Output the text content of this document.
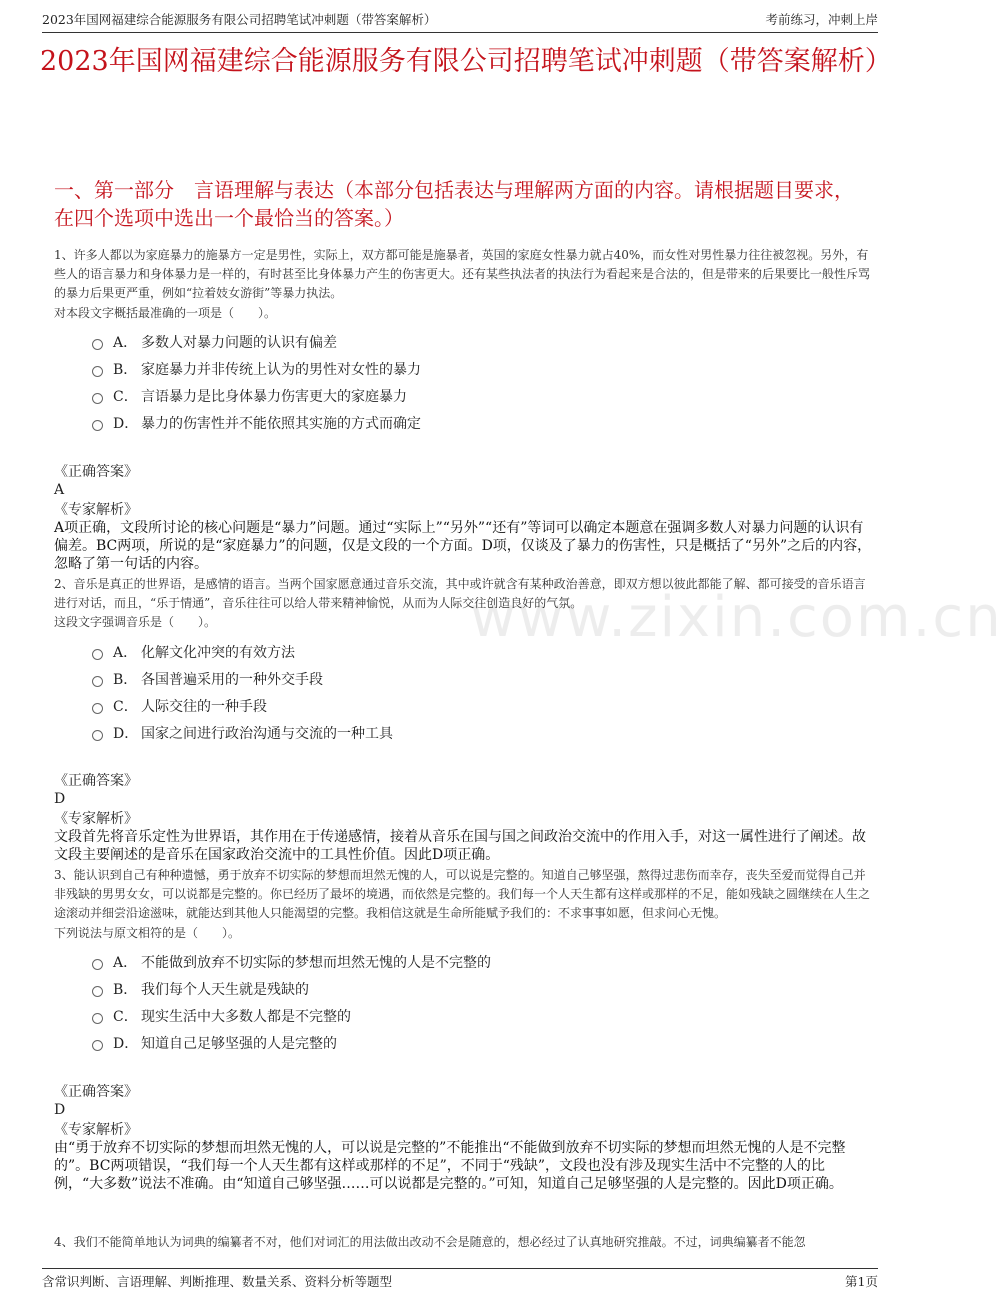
2023年国网福建综合能源服务有限公司招聘笔试冲刺题（带答案解析）	考前练习，冲刺上岸
2023年国网福建综合能源服务有限公司招聘笔试冲刺题（带答案解析）
一、第一部分　言语理解与表达（本部分包括表达与理解两方面的内容。请根据题目要求，在四个选项中选出一个最恰当的答案。）
www.zixin.com.cn
1、许多人都以为家庭暴力的施暴方一定是男性，实际上，双方都可能是施暴者，英国的家庭女性暴力就占40%，而女性对男性暴力往往被忽视。另外，有些人的语言暴力和身体暴力是一样的，有时甚至比身体暴力产生的伤害更大。还有某些执法者的执法行为看起来是合法的，但是带来的后果要比一般性斥骂的暴力后果更严重，例如“拉着妓女游街”等暴力执法。
对本段文字概括最准确的一项是（　　）。
A． 多数人对暴力问题的认识有偏差
B． 家庭暴力并非传统上认为的男性对女性的暴力
C． 言语暴力是比身体暴力伤害更大的家庭暴力
D． 暴力的伤害性并不能依照其实施的方式而确定
《正确答案》
A
《专家解析》
A项正确，文段所讨论的核心问题是“暴力”问题。通过“实际上”“另外”“还有”等词可以确定本题意在强调多数人对暴力问题的认识有偏差。BC两项，所说的是“家庭暴力”的问题，仅是文段的一个方面。D项，仅谈及了暴力的伤害性，只是概括了“另外”之后的内容，忽略了第一句话的内容。
2、音乐是真正的世界语，是感情的语言。当两个国家愿意通过音乐交流，其中或许就含有某种政治善意，即双方想以彼此都能了解、都可接受的音乐语言进行对话，而且，“乐于情通”，音乐往往可以给人带来精神愉悦，从而为人际交往创造良好的气氛。
这段文字强调音乐是（　　）。
A． 化解文化冲突的有效方法
B． 各国普遍采用的一种外交手段
C． 人际交往的一种手段
D． 国家之间进行政治沟通与交流的一种工具
《正确答案》
D
《专家解析》
文段首先将音乐定性为世界语，其作用在于传递感情，接着从音乐在国与国之间政治交流中的作用入手，对这一属性进行了阐述。故文段主要阐述的是音乐在国家政治交流中的工具性价值。因此D项正确。
3、能认识到自己有种种遗憾，勇于放弃不切实际的梦想而坦然无愧的人，可以说是完整的。知道自己够坚强，熬得过悲伤而幸存，丧失至爱而觉得自己并非残缺的男男女女，可以说都是完整的。你已经历了最坏的境遇，而依然是完整的。我们每一个人天生都有这样或那样的不足，能如残缺之圆继续在人生之途滚动并细尝沿途滋味，就能达到其他人只能渴望的完整。我相信这就是生命所能赋予我们的：不求事事如愿，但求问心无愧。
下列说法与原文相符的是（　　）。
A． 不能做到放弃不切实际的梦想而坦然无愧的人是不完整的
B． 我们每个人天生就是残缺的
C． 现实生活中大多数人都是不完整的
D． 知道自己足够坚强的人是完整的
《正确答案》
D
《专家解析》
由“勇于放弃不切实际的梦想而坦然无愧的人，可以说是完整的”不能推出“不能做到放弃不切实际的梦想而坦然无愧的人是不完整的”。BC两项错误，“我们每一个人天生都有这样或那样的不足”，不同于“残缺”，文段也没有涉及现实生活中不完整的人的比例，“大多数”说法不准确。由“知道自己够坚强……可以说都是完整的。”可知，知道自己足够坚强的人是完整的。因此D项正确。
4、我们不能简单地认为词典的编纂者不对，他们对词汇的用法做出改动不会是随意的，想必经过了认真地研究推敲。不过，词典编纂者不能忽
含常识判断、言语理解、判断推理、数量关系、资料分析等题型	第1页
